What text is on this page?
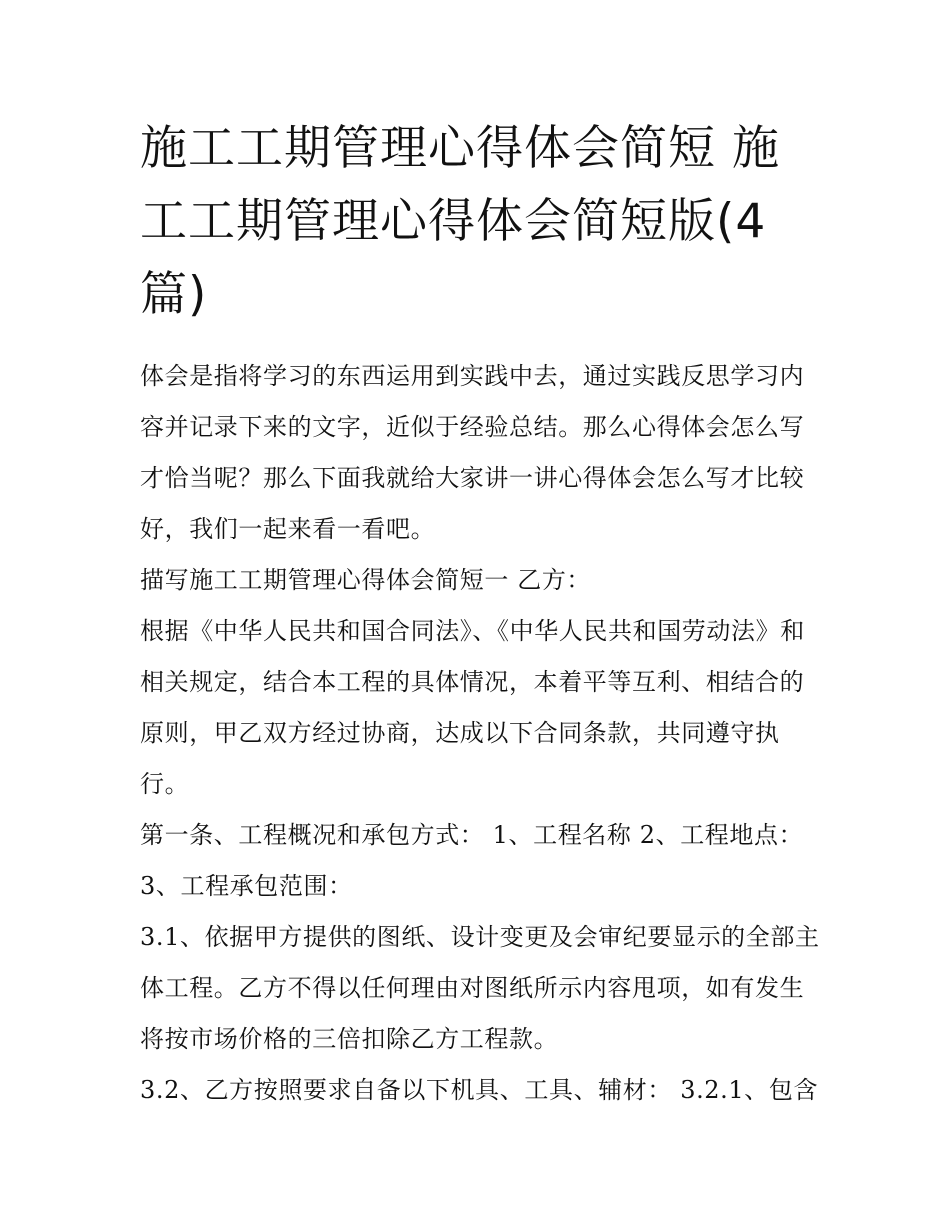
施工工期管理心得体会简短 施工工期管理心得体会简短版(4篇)

体会是指将学习的东西运用到实践中去，通过实践反思学习内容并记录下来的文字，近似于经验总结。那么心得体会怎么写才恰当呢？那么下面我就给大家讲一讲心得体会怎么写才比较好，我们一起来看一看吧。

描写施工工期管理心得体会简短一 乙方：

根据《中华人民共和国合同法》、《中华人民共和国劳动法》和相关规定，结合本工程的具体情况，本着平等互利、相结合的原则，甲乙双方经过协商，达成以下合同条款，共同遵守执行。

第一条、工程概况和承包方式： 1、工程名称 2、工程地点：

3、工程承包范围：

3.1、依据甲方提供的图纸、设计变更及会审纪要显示的全部主体工程。乙方不得以任何理由对图纸所示内容甩项，如有发生将按市场价格的三倍扣除乙方工程款。

3.2、乙方按照要求自备以下机具、工具、辅材： 3.2.1、包含
